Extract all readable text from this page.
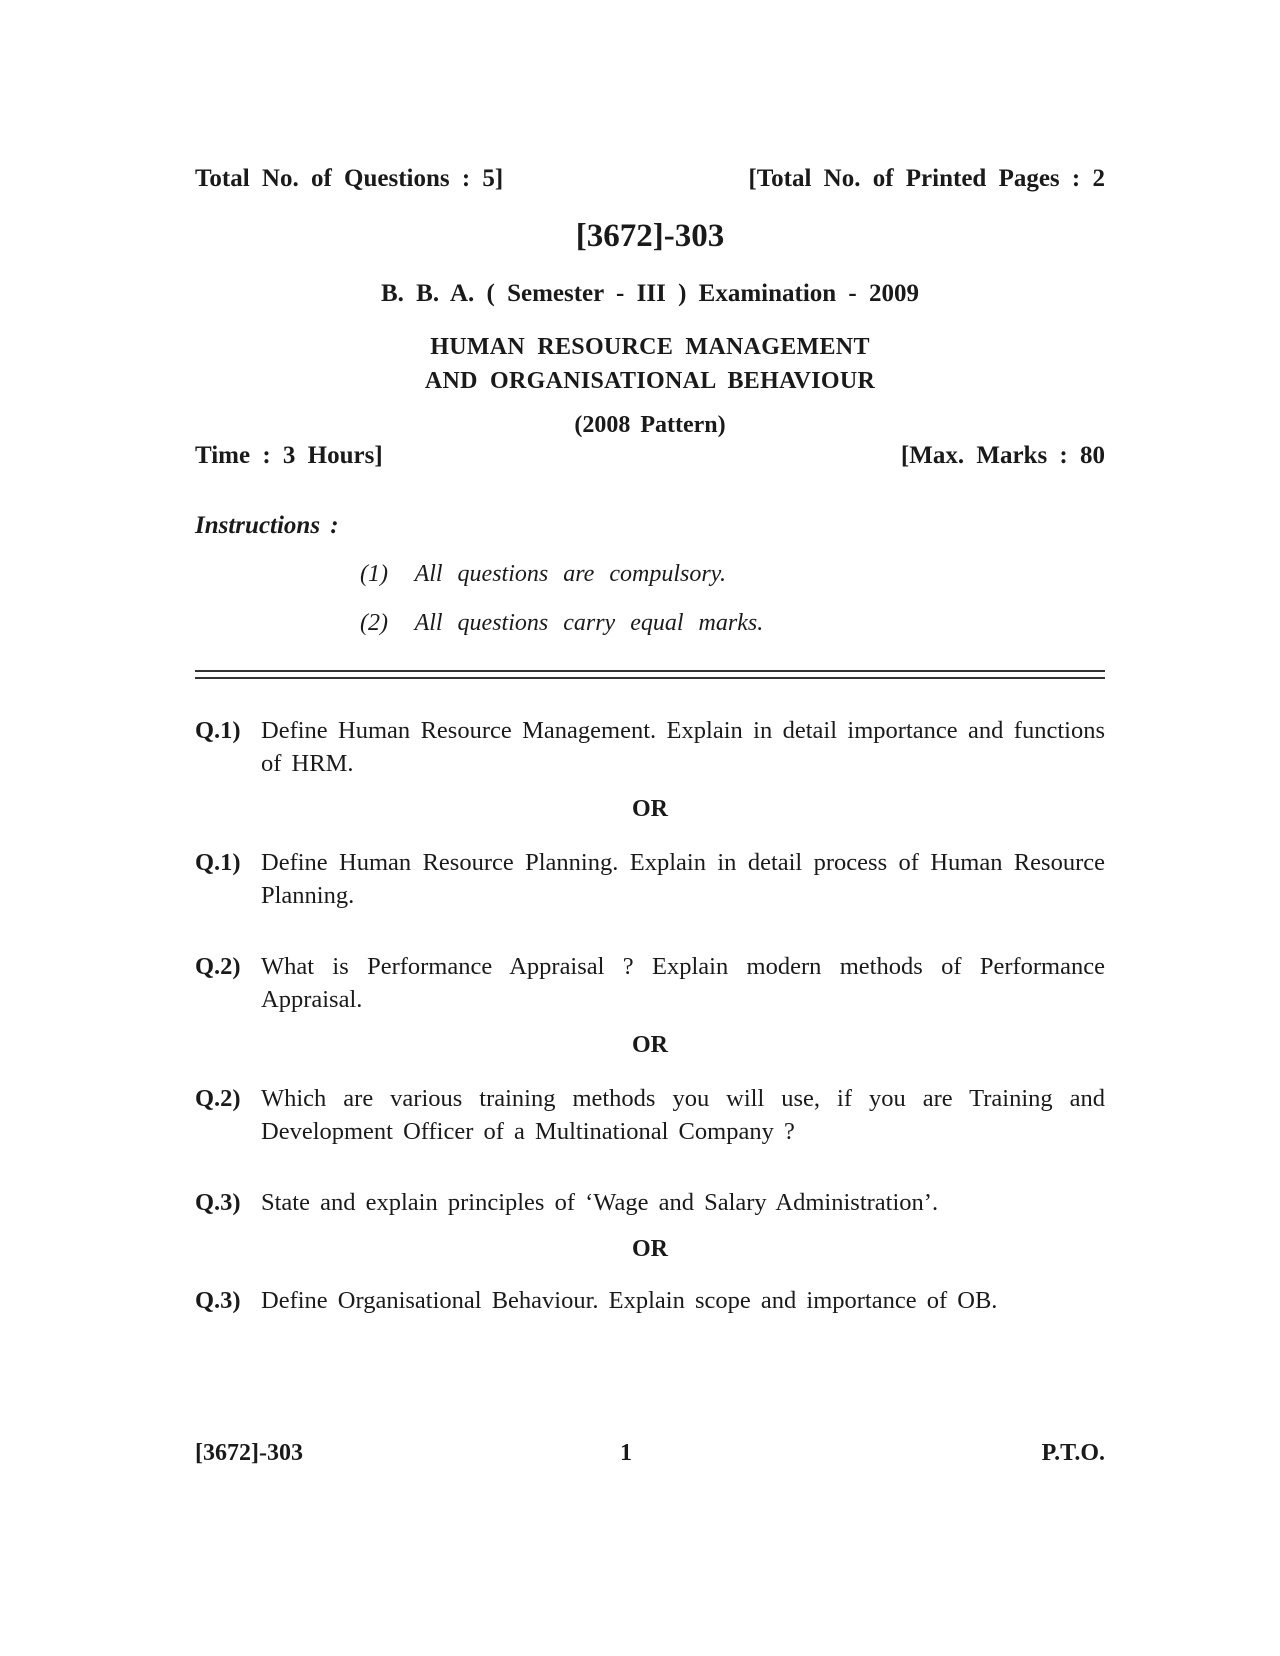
Total No. of Questions : 5]	[Total No. of Printed Pages : 2
[3672]-303
B. B. A. ( Semester - III ) Examination - 2009
HUMAN RESOURCE MANAGEMENT
AND ORGANISATIONAL BEHAVIOUR
(2008 Pattern)
Time : 3 Hours]	[Max. Marks : 80
Instructions :
(1) All questions are compulsory.
(2) All questions carry equal marks.
Q.1) Define Human Resource Management. Explain in detail importance and functions of HRM.
OR
Q.1) Define Human Resource Planning. Explain in detail process of Human Resource Planning.
Q.2) What is Performance Appraisal ? Explain modern methods of Performance Appraisal.
OR
Q.2) Which are various training methods you will use, if you are Training and Development Officer of a Multinational Company ?
Q.3) State and explain principles of ‘Wage and Salary Administration’.
OR
Q.3) Define Organisational Behaviour. Explain scope and importance of OB.
[3672]-303	1	P.T.O.
